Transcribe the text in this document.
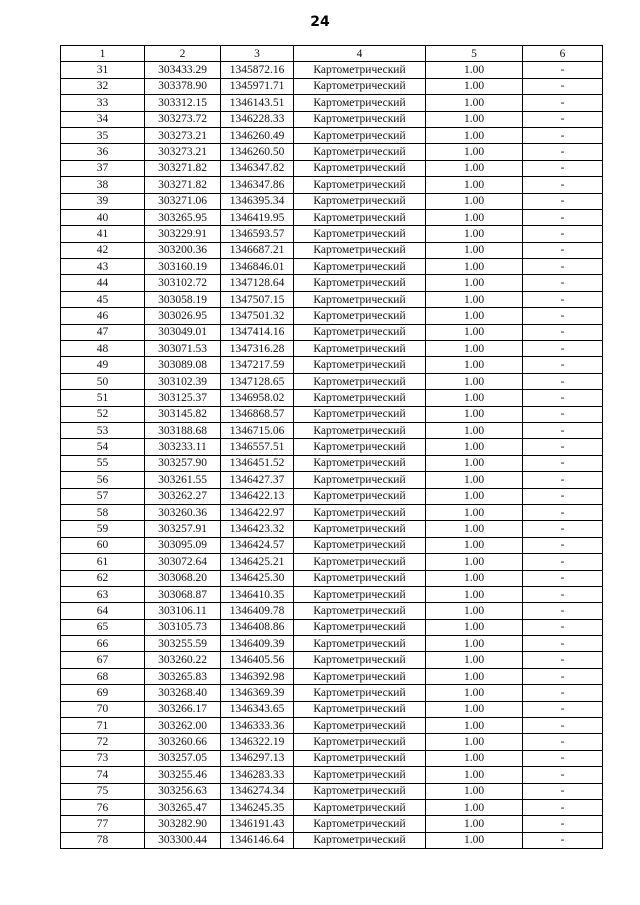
24
1	2	3	4	5	6
31	303433.29	1345872.16	Картометрический	1.00	-
32	303378.90	1345971.71	Картометрический	1.00	-
33	303312.15	1346143.51	Картометрический	1.00	-
34	303273.72	1346228.33	Картометрический	1.00	-
35	303273.21	1346260.49	Картометрический	1.00	-
36	303273.21	1346260.50	Картометрический	1.00	-
37	303271.82	1346347.82	Картометрический	1.00	-
38	303271.82	1346347.86	Картометрический	1.00	-
39	303271.06	1346395.34	Картометрический	1.00	-
40	303265.95	1346419.95	Картометрический	1.00	-
41	303229.91	1346593.57	Картометрический	1.00	-
42	303200.36	1346687.21	Картометрический	1.00	-
43	303160.19	1346846.01	Картометрический	1.00	-
44	303102.72	1347128.64	Картометрический	1.00	-
45	303058.19	1347507.15	Картометрический	1.00	-
46	303026.95	1347501.32	Картометрический	1.00	-
47	303049.01	1347414.16	Картометрический	1.00	-
48	303071.53	1347316.28	Картометрический	1.00	-
49	303089.08	1347217.59	Картометрический	1.00	-
50	303102.39	1347128.65	Картометрический	1.00	-
51	303125.37	1346958.02	Картометрический	1.00	-
52	303145.82	1346868.57	Картометрический	1.00	-
53	303188.68	1346715.06	Картометрический	1.00	-
54	303233.11	1346557.51	Картометрический	1.00	-
55	303257.90	1346451.52	Картометрический	1.00	-
56	303261.55	1346427.37	Картометрический	1.00	-
57	303262.27	1346422.13	Картометрический	1.00	-
58	303260.36	1346422.97	Картометрический	1.00	-
59	303257.91	1346423.32	Картометрический	1.00	-
60	303095.09	1346424.57	Картометрический	1.00	-
61	303072.64	1346425.21	Картометрический	1.00	-
62	303068.20	1346425.30	Картометрический	1.00	-
63	303068.87	1346410.35	Картометрический	1.00	-
64	303106.11	1346409.78	Картометрический	1.00	-
65	303105.73	1346408.86	Картометрический	1.00	-
66	303255.59	1346409.39	Картометрический	1.00	-
67	303260.22	1346405.56	Картометрический	1.00	-
68	303265.83	1346392.98	Картометрический	1.00	-
69	303268.40	1346369.39	Картометрический	1.00	-
70	303266.17	1346343.65	Картометрический	1.00	-
71	303262.00	1346333.36	Картометрический	1.00	-
72	303260.66	1346322.19	Картометрический	1.00	-
73	303257.05	1346297.13	Картометрический	1.00	-
74	303255.46	1346283.33	Картометрический	1.00	-
75	303256.63	1346274.34	Картометрический	1.00	-
76	303265.47	1346245.35	Картометрический	1.00	-
77	303282.90	1346191.43	Картометрический	1.00	-
78	303300.44	1346146.64	Картометрический	1.00	-
